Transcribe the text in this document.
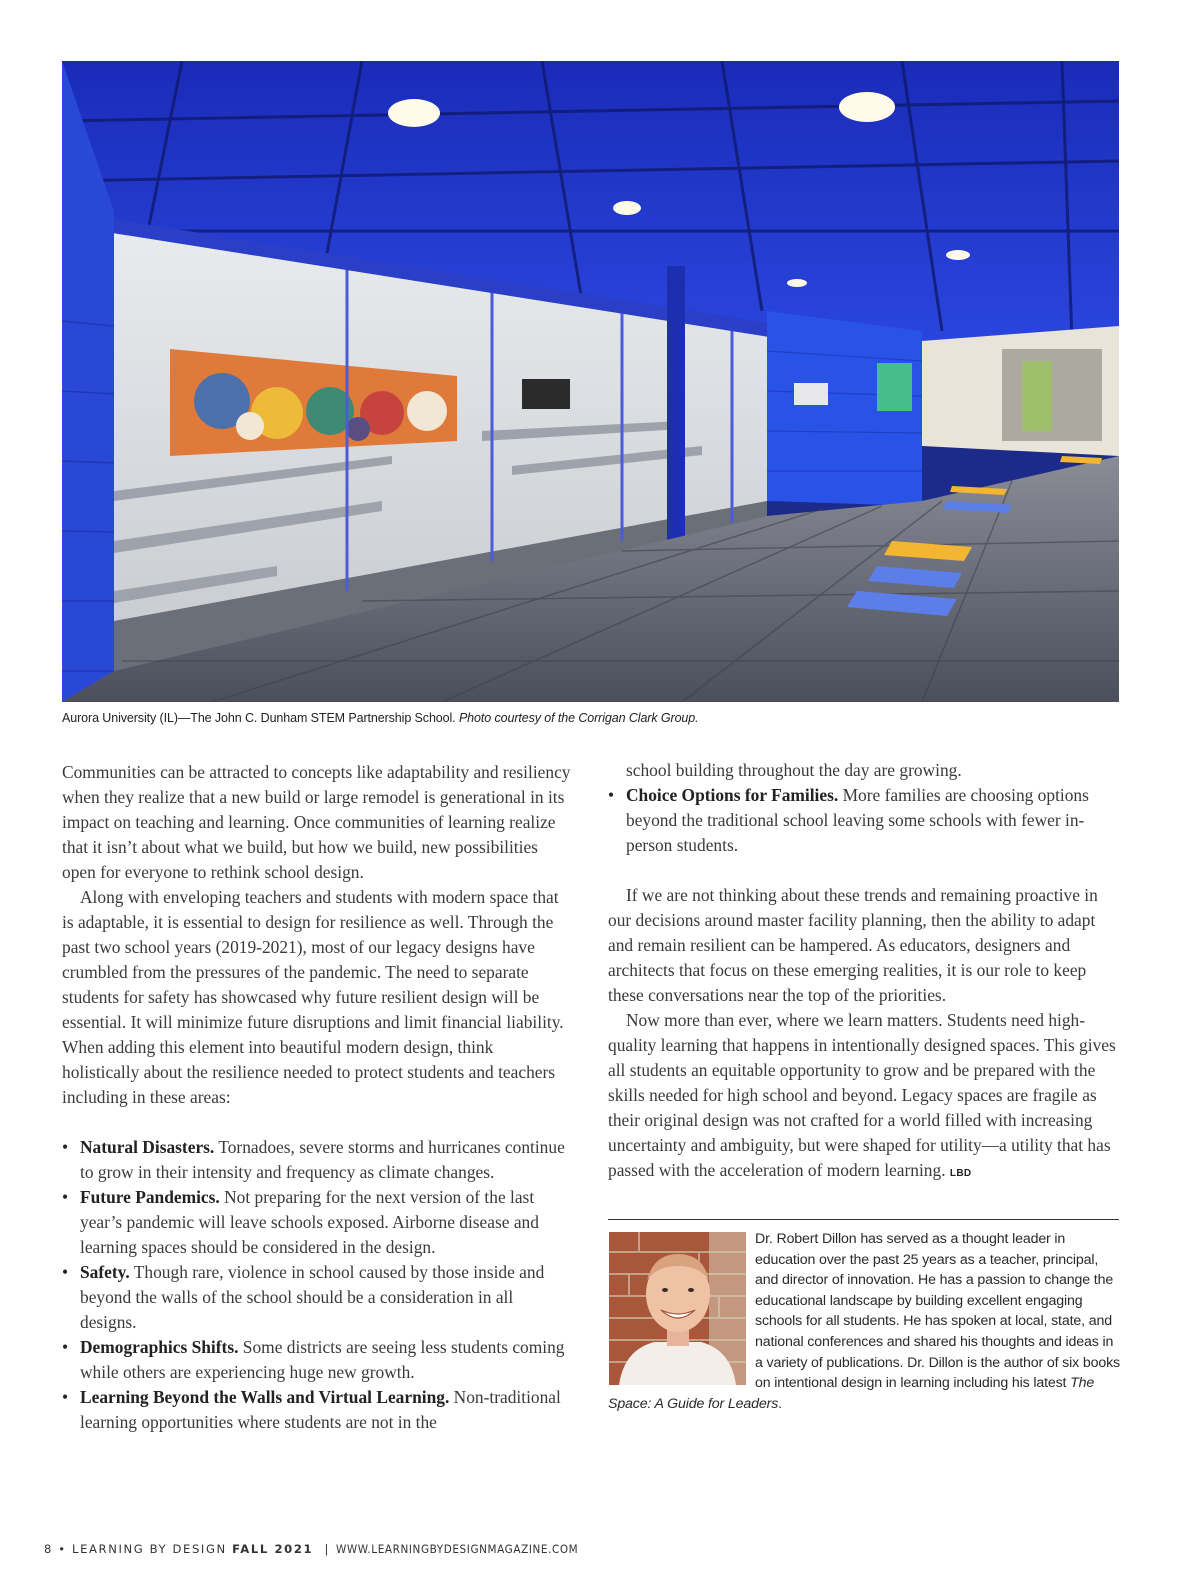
Aurora University (IL)—The John C. Dunham STEM Partnership School. Photo courtesy of the Corrigan Clark Group.

Communities can be attracted to concepts like adaptability and resiliency when they realize that a new build or large remodel is generational in its impact on teaching and learning. Once communities of learning realize that it isn’t about what we build, but how we build, new possibilities open for everyone to rethink school design.

Along with enveloping teachers and students with modern space that is adaptable, it is essential to design for resilience as well. Through the past two school years (2019-2021), most of our legacy designs have crumbled from the pressures of the pandemic. The need to separate students for safety has showcased why future resilient design will be essential. It will minimize future disruptions and limit financial liability. When adding this element into beautiful modern design, think holistically about the resilience needed to protect students and teachers including in these areas:

• Natural Disasters. Tornadoes, severe storms and hurricanes continue to grow in their intensity and frequency as climate changes.
• Future Pandemics. Not preparing for the next version of the last year’s pandemic will leave schools exposed. Airborne disease and learning spaces should be considered in the design.
• Safety. Though rare, violence in school caused by those inside and beyond the walls of the school should be a consideration in all designs.
• Demographics Shifts. Some districts are seeing less students coming while others are experiencing huge new growth.
• Learning Beyond the Walls and Virtual Learning. Non-traditional learning opportunities where students are not in the

school building throughout the day are growing.

• Choice Options for Families. More families are choosing options beyond the traditional school leaving some schools with fewer in-person students.

If we are not thinking about these trends and remaining proactive in our decisions around master facility planning, then the ability to adapt and remain resilient can be hampered. As educators, designers and architects that focus on these emerging realities, it is our role to keep these conversations near the top of the priorities.

Now more than ever, where we learn matters. Students need high-quality learning that happens in intentionally designed spaces. This gives all students an equitable opportunity to grow and be prepared with the skills needed for high school and beyond. Legacy spaces are fragile as their original design was not crafted for a world filled with increasing uncertainty and ambiguity, but were shaped for utility—a utility that has passed with the acceleration of modern learning. LBD

Dr. Robert Dillon has served as a thought leader in education over the past 25 years as a teacher, principal, and director of innovation. He has a passion to change the educational landscape by building excellent engaging schools for all students. He has spoken at local, state, and national conferences and shared his thoughts and ideas in a variety of publications. Dr. Dillon is the author of six books on intentional design in learning including his latest The Space: A Guide for Leaders.
8 • LEARNING BY DESIGN FALL 2021 | WWW.LEARNINGBYDESIGNMAGAZINE.COM
